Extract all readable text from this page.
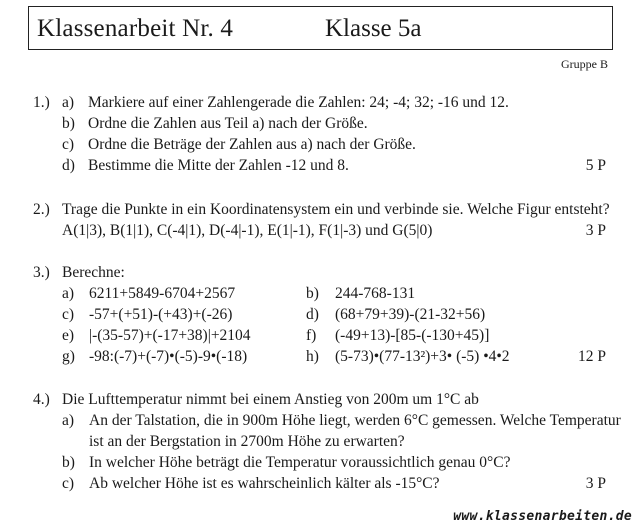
Klassenarbeit Nr. 4	Klasse 5a
Gruppe B
1.) a) Markiere auf einer Zahlengerade die Zahlen: 24; -4; 32; -16 und 12.
b) Ordne die Zahlen aus Teil a) nach der Größe.
c) Ordne die Beträge der Zahlen aus a) nach der Größe.
d) Bestimme die Mitte der Zahlen -12 und 8.	5 P
2.) Trage die Punkte in ein Koordinatensystem ein und verbinde sie. Welche Figur entsteht?
A(1|3), B(1|1), C(-4|1), D(-4|-1), E(1|-1), F(1|-3) und G(5|0)	3 P
3.) Berechne:
a) 6211+5849-6704+2567	b) 244-768-131
c) -57+(+51)-(+43)+(-26)	d) (68+79+39)-(21-32+56)
e) |-(35-57)+(-17+38)|+2104	f) (-49+13)-[85-(-130+45)]
g) -98:(-7)+(-7)•(-5)-9•(-18)	h) (5-73)•(77-13²)+3• (-5) •4•2	12 P
4.) Die Lufttemperatur nimmt bei einem Anstieg von 200m um 1°C ab
a) An der Talstation, die in 900m Höhe liegt, werden 6°C gemessen. Welche Temperatur
ist an der Bergstation in 2700m Höhe zu erwarten?
b) In welcher Höhe beträgt die Temperatur voraussichtlich genau 0°C?
c) Ab welcher Höhe ist es wahrscheinlich kälter als -15°C?	3 P
www.klassenarbeiten.de
